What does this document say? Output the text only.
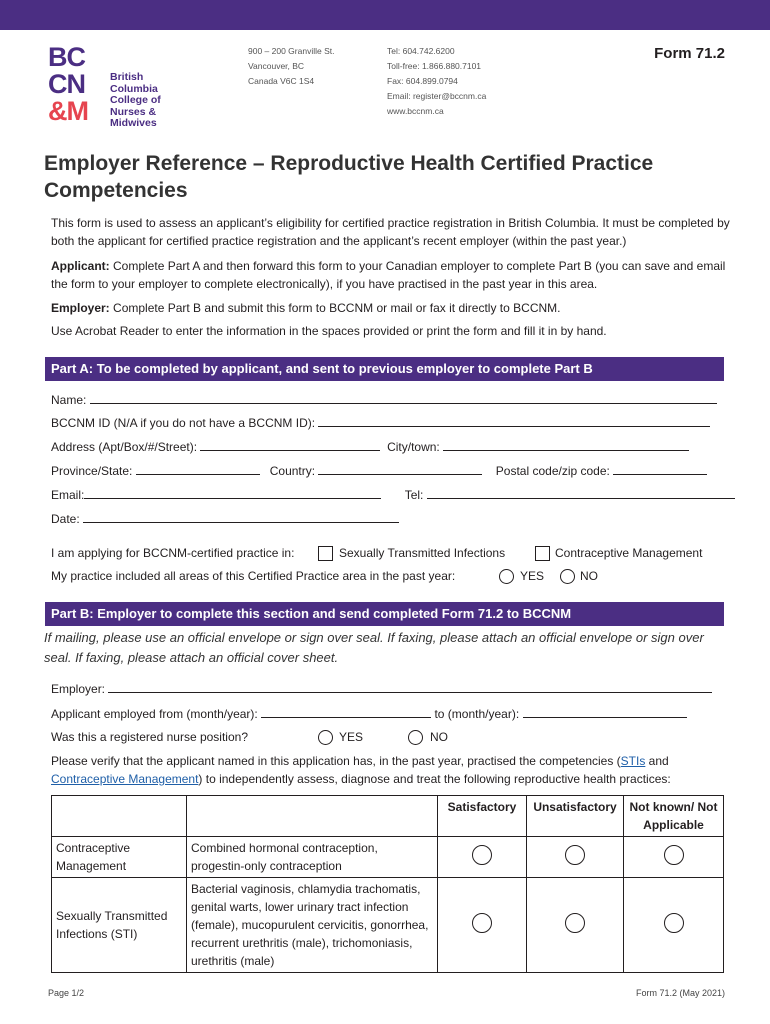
BC
CN
&M
British
Columbia
College of
Nurses &
Midwives
900 – 200 Granville St.
Vancouver, BC
Canada V6C 1S4
Tel: 604.742.6200
Toll-free: 1.866.880.7101
Fax: 604.899.0794
Email: register@bccnm.ca
www.bccnm.ca
Form 71.2
Employer Reference – Reproductive Health Certified Practice
Competencies

This form is used to assess an applicant’s eligibility for certified practice registration in British Columbia. It must be completed by both the applicant for certified practice registration and the applicant’s recent employer (within the past year.)

Applicant: Complete Part A and then forward this form to your Canadian employer to complete Part B (you can save and email the form to your employer to complete electronically), if you have practised in the past year in this area.

Employer: Complete Part B and submit this form to BCCNM or mail or fax it directly to BCCNM.

Use Acrobat Reader to enter the information in the spaces provided or print the form and fill it in by hand.

Part A: To be completed by applicant, and sent to previous employer to complete Part B
Name:
BCCNM ID (N/A if you do not have a BCCNM ID):
Address (Apt/Box/#/Street):	City/town:
Province/State:	Country:	Postal code/zip code:
Email:	Tel:
Date:
I am applying for BCCNM-certified practice in:	Sexually Transmitted Infections	Contraceptive Management
My practice included all areas of this Certified Practice area in the past year:	YES	NO
Part B: Employer to complete this section and send completed Form 71.2 to BCCNM
If mailing, please use an official envelope or sign over seal. If faxing, please attach an official envelope or sign over seal. If faxing, please attach an official cover sheet.
Employer:
Applicant employed from (month/year):	to (month/year):
Was this a registered nurse position?	YES	NO

Please verify that the applicant named in this application has, in the past year, practised the competencies (STIs and Contraceptive Management) to independently assess, diagnose and treat the following reproductive health practices:

		Satisfactory	Unsatisfactory	Not known/ Not Applicable
Contraceptive Management	Combined hormonal contraception, progestin-only contraception			
Sexually Transmitted Infections (STI)	Bacterial vaginosis, chlamydia trachomatis, genital warts, lower urinary tract infection (female), mucopurulent cervicitis, gonorrhea, recurrent urethritis (male), trichomoniasis, urethritis (male)			
Page 1/2	Form 71.2 (May 2021)
